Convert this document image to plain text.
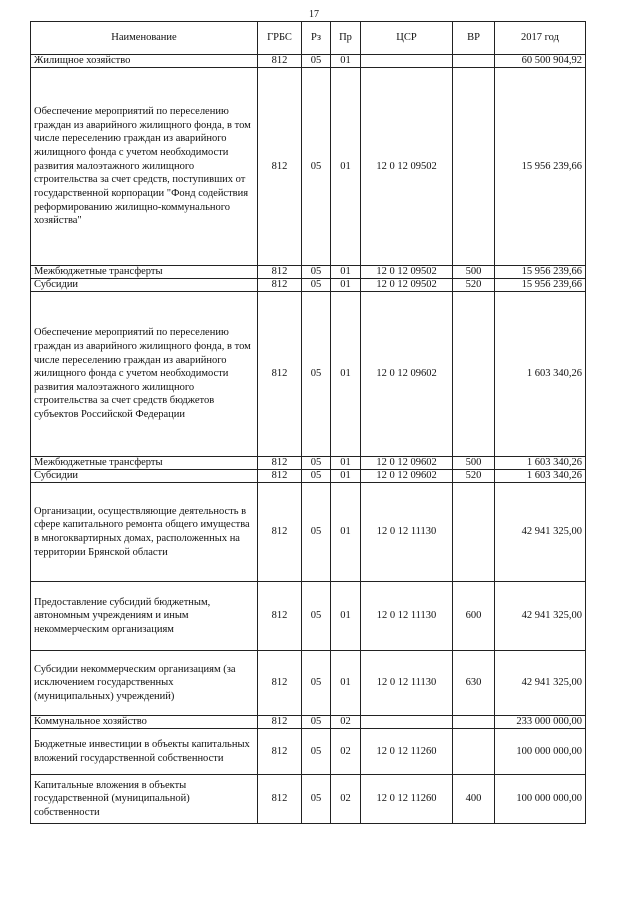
17
Наименование	ГРБС	Рз	Пр	ЦСР	ВР	2017 год
Жилищное хозяйство	812	05	01			60 500 904,92
Обеспечение мероприятий по переселению граждан из аварийного жилищного фонда, в том числе переселению граждан из аварийного жилищного фонда с учетом необходимости развития малоэтажного жилищного строительства за счет средств, поступивших от государственной корпорации "Фонд содействия реформированию жилищно-коммунального хозяйства"	812	05	01	12 0 12 09502		15 956 239,66
Межбюджетные трансферты	812	05	01	12 0 12 09502	500	15 956 239,66
Субсидии	812	05	01	12 0 12 09502	520	15 956 239,66
Обеспечение мероприятий по переселению граждан из аварийного жилищного фонда, в том числе переселению граждан из аварийного жилищного фонда с учетом необходимости развития малоэтажного жилищного строительства за счет средств бюджетов субъектов Российской Федерации	812	05	01	12 0 12 09602		1 603 340,26
Межбюджетные трансферты	812	05	01	12 0 12 09602	500	1 603 340,26
Субсидии	812	05	01	12 0 12 09602	520	1 603 340,26
Организации, осуществляющие деятельность в сфере капитального ремонта общего имущества в многоквартирных домах, расположенных на территории Брянской области	812	05	01	12 0 12 11130		42 941 325,00
Предоставление субсидий бюджетным, автономным учреждениям и иным некоммерческим организациям	812	05	01	12 0 12 11130	600	42 941 325,00
Субсидии некоммерческим организациям (за исключением государственных (муниципальных) учреждений)	812	05	01	12 0 12 11130	630	42 941 325,00
Коммунальное хозяйство	812	05	02			233 000 000,00
Бюджетные инвестиции в объекты капитальных вложений государственной собственности	812	05	02	12 0 12 11260		100 000 000,00
Капитальные вложения в объекты государственной (муниципальной) собственности	812	05	02	12 0 12 11260	400	100 000 000,00
